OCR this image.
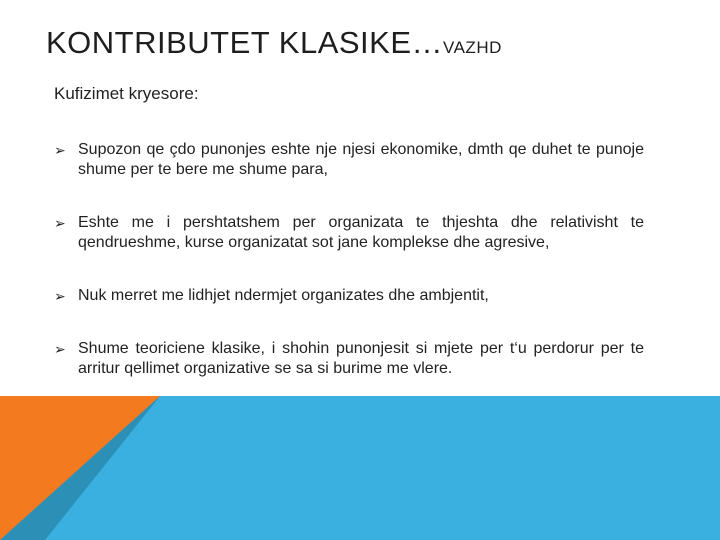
KONTRIBUTET KLASIKE…VAZHD
Kufizimet kryesore:
➢ Supozon qe çdo punonjes eshte nje njesi ekonomike, dmth qe duhet te punoje shume per te bere me shume para,
➢ Eshte me i pershtatshem per organizata te thjeshta dhe relativisht te qendrueshme, kurse organizatat sot jane komplekse dhe agresive,
➢ Nuk merret me lidhjet ndermjet organizates dhe ambjentit,
➢ Shume teoriciene klasike, i shohin punonjesit si mjete per t‘u perdorur per te arritur qellimet organizative se sa si burime me vlere.
